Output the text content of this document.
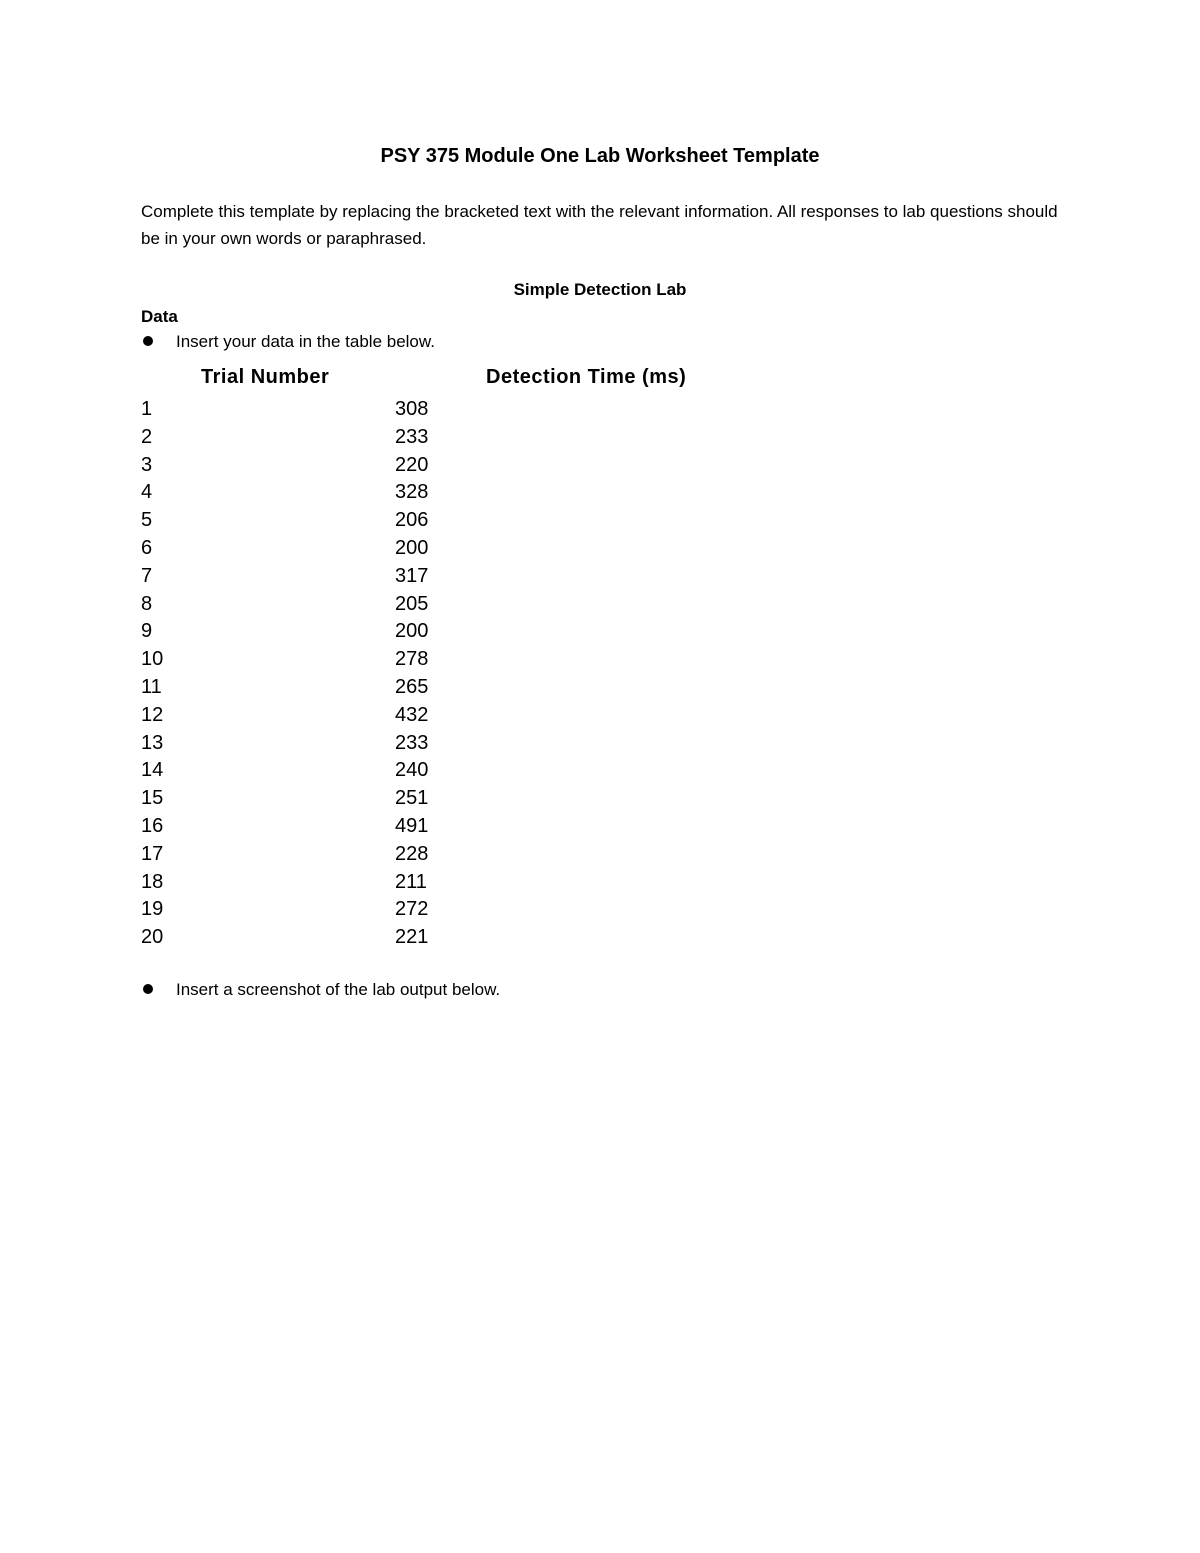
PSY 375 Module One Lab Worksheet Template
Complete this template by replacing the bracketed text with the relevant information. All responses to lab questions should be in your own words or paraphrased.
Simple Detection Lab
Data
Insert your data in the table below.
Trial Number	Detection Time (ms)
1	308
2	233
3	220
4	328
5	206
6	200
7	317
8	205
9	200
10	278
11	265
12	432
13	233
14	240
15	251
16	491
17	228
18	211
19	272
20	221
Insert a screenshot of the lab output below.
